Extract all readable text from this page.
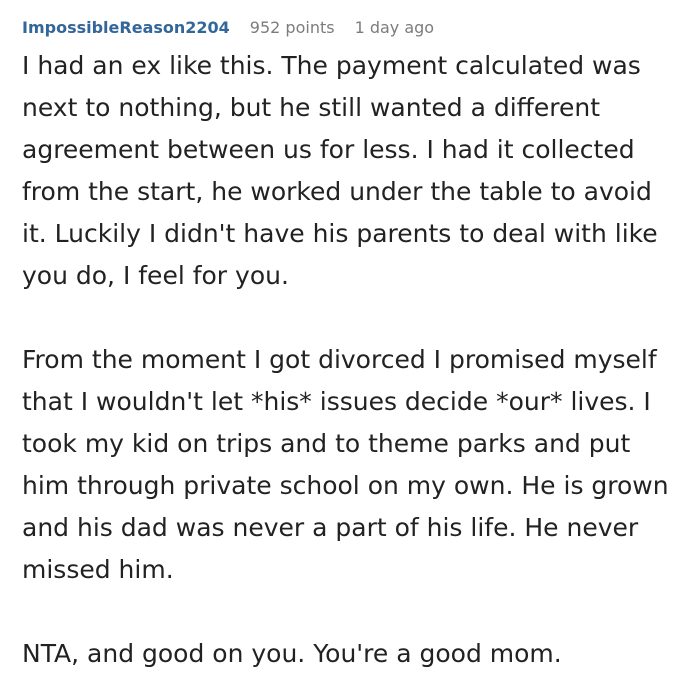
ImpossibleReason2204 952 points 1 day ago

I had an ex like this. The payment calculated was next to nothing, but he still wanted a different agreement between us for less. I had it collected from the start, he worked under the table to avoid it. Luckily I didn't have his parents to deal with like you do, I feel for you.

From the moment I got divorced I promised myself that I wouldn't let *his* issues decide *our* lives. I took my kid on trips and to theme parks and put him through private school on my own. He is grown and his dad was never a part of his life. He never missed him.

NTA, and good on you. You're a good mom.
